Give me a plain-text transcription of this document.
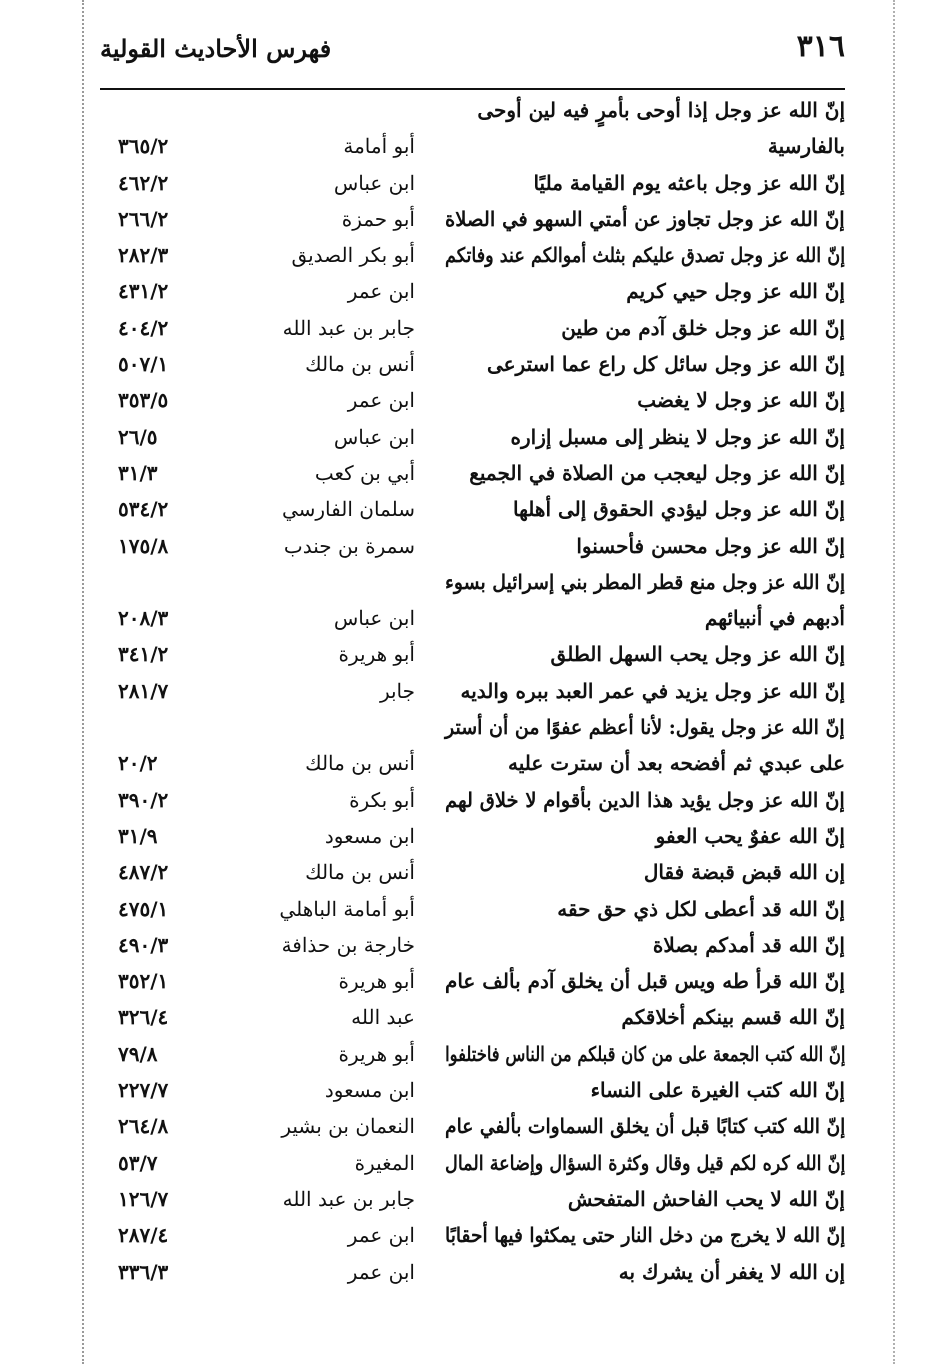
٣١٦
فهرس الأحاديث القولية
إنّ الله عز وجل إذا أوحى بأمرٍ فيه لين أوحى
بالفارسية
أبو أمامة
٣٦٥/٢
إنّ الله عز وجل باعثه يوم القيامة مليًا
ابن عباس
٤٦٢/٢
إنّ الله عز وجل تجاوز عن أمتي السهو في الصلاة
أبو حمزة
٢٦٦/٢
إنّ الله عز وجل تصدق عليكم بثلث أموالكم عند وفاتكم
أبو بكر الصديق
٢٨٢/٣
إنّ الله عز وجل حيي كريم
ابن عمر
٤٣١/٢
إنّ الله عز وجل خلق آدم من طين
جابر بن عبد الله
٤٠٤/٢
إنّ الله عز وجل سائل كل راع عما استرعى
أنس بن مالك
٥٠٧/١
إنّ الله عز وجل لا يغضب
ابن عمر
٣٥٣/٥
إنّ الله عز وجل لا ينظر إلى مسبل إزاره
ابن عباس
٢٦/٥
إنّ الله عز وجل ليعجب من الصلاة في الجميع
أبي بن كعب
٣١/٣
إنّ الله عز وجل ليؤدي الحقوق إلى أهلها
سلمان الفارسي
٥٣٤/٢
إنّ الله عز وجل محسن فأحسنوا
سمرة بن جندب
١٧٥/٨
إنّ الله عز وجل منع قطر المطر بني إسرائيل بسوء
أدبهم في أنبيائهم
ابن عباس
٢٠٨/٣
إنّ الله عز وجل يحب السهل الطلق
أبو هريرة
٣٤١/٢
إنّ الله عز وجل يزيد في عمر العبد ببره والديه
جابر
٢٨١/٧
إنّ الله عز وجل يقول: لأنا أعظم عفوًا من أن أستر
على عبدي ثم أفضحه بعد أن سترت عليه
أنس بن مالك
٢٠/٢
إنّ الله عز وجل يؤيد هذا الدين بأقوام لا خلاق لهم
أبو بكرة
٣٩٠/٢
إنّ الله عفوٌ يحب العفو
ابن مسعود
٣١/٩
إن الله قبض قبضة فقال
أنس بن مالك
٤٨٧/٢
إنّ الله قد أعطى لكل ذي حق حقه
أبو أمامة الباهلي
٤٧٥/١
إنّ الله قد أمدكم بصلاة
خارجة بن حذافة
٤٩٠/٣
إنّ الله قرأ طه ويس قبل أن يخلق آدم بألف عام
أبو هريرة
٣٥٢/١
إنّ الله قسم بينكم أخلاقكم
عبد الله
٣٢٦/٤
إنّ الله كتب الجمعة على من كان قبلكم من الناس فاختلفوا
أبو هريرة
٧٩/٨
إنّ الله كتب الغيرة على النساء
ابن مسعود
٢٢٧/٧
إنّ الله كتب كتابًا قبل أن يخلق السماوات بألفي عام
النعمان بن بشير
٢٦٤/٨
إنّ الله كره لكم قيل وقال وكثرة السؤال وإضاعة المال
المغيرة
٥٣/٧
إنّ الله لا يحب الفاحش المتفحش
جابر بن عبد الله
١٢٦/٧
إنّ الله لا يخرج من دخل النار حتى يمكثوا فيها أحقابًا
ابن عمر
٢٨٧/٤
إن الله لا يغفر أن يشرك به
ابن عمر
٣٣٦/٣
